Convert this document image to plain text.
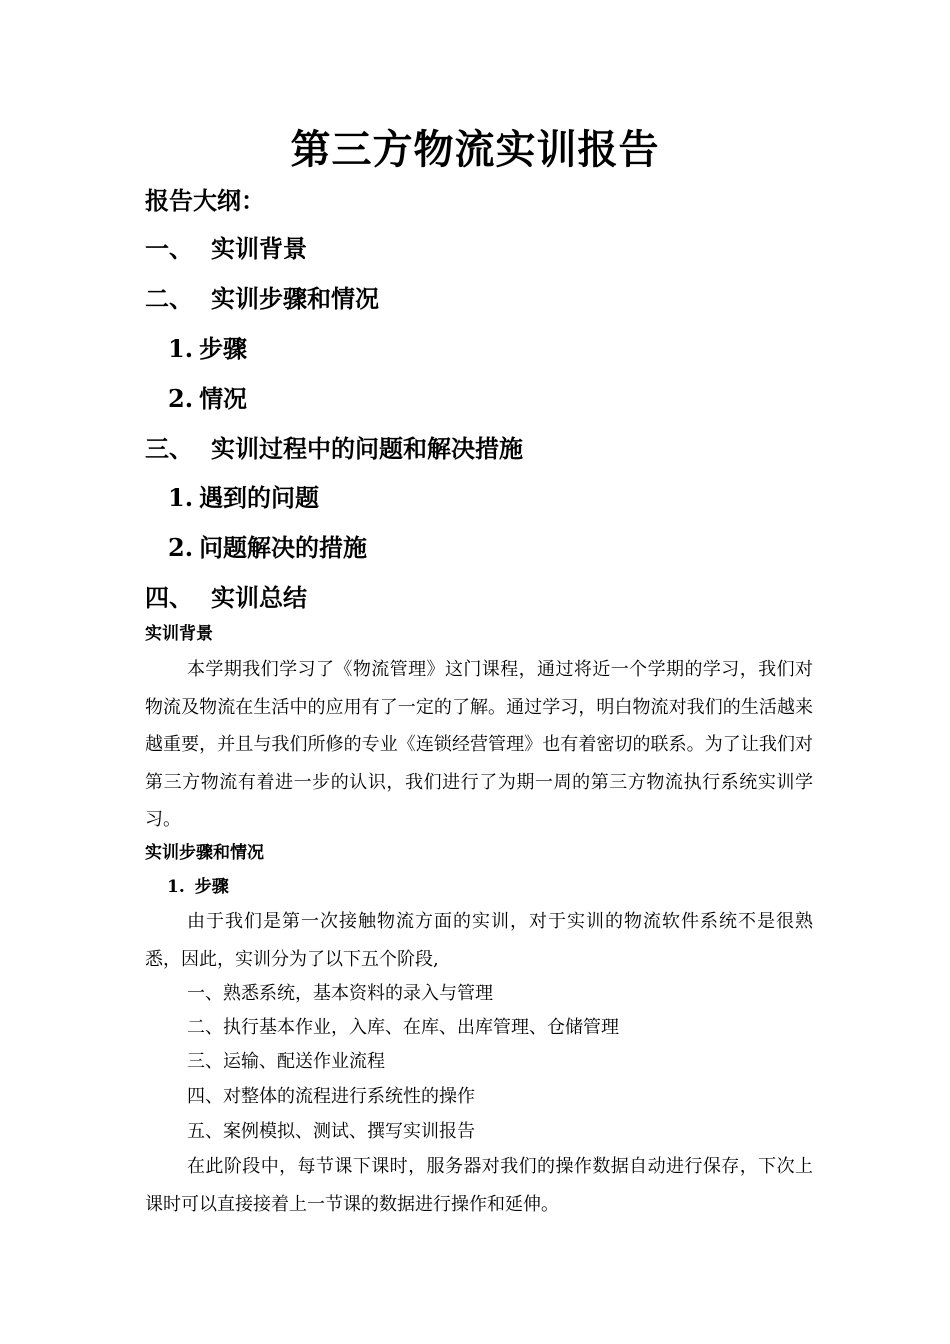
第三方物流实训报告
报告大纲：
一、 实训背景
二、 实训步骤和情况
1. 步骤
2. 情况
三、 实训过程中的问题和解决措施
1. 遇到的问题
2. 问题解决的措施
四、 实训总结
实训背景
本学期我们学习了《物流管理》这门课程，通过将近一个学期的学习，我们对物流及物流在生活中的应用有了一定的了解。通过学习，明白物流对我们的生活越来越重要，并且与我们所修的专业《连锁经营管理》也有着密切的联系。为了让我们对第三方物流有着进一步的认识，我们进行了为期一周的第三方物流执行系统实训学习。
实训步骤和情况
1. 步骤
由于我们是第一次接触物流方面的实训，对于实训的物流软件系统不是很熟悉，因此，实训分为了以下五个阶段,
一、熟悉系统，基本资料的录入与管理
二、执行基本作业，入库、在库、出库管理、仓储管理
三、运输、配送作业流程
四、对整体的流程进行系统性的操作
五、案例模拟、测试、撰写实训报告
在此阶段中，每节课下课时，服务器对我们的操作数据自动进行保存，下次上课时可以直接接着上一节课的数据进行操作和延伸。
